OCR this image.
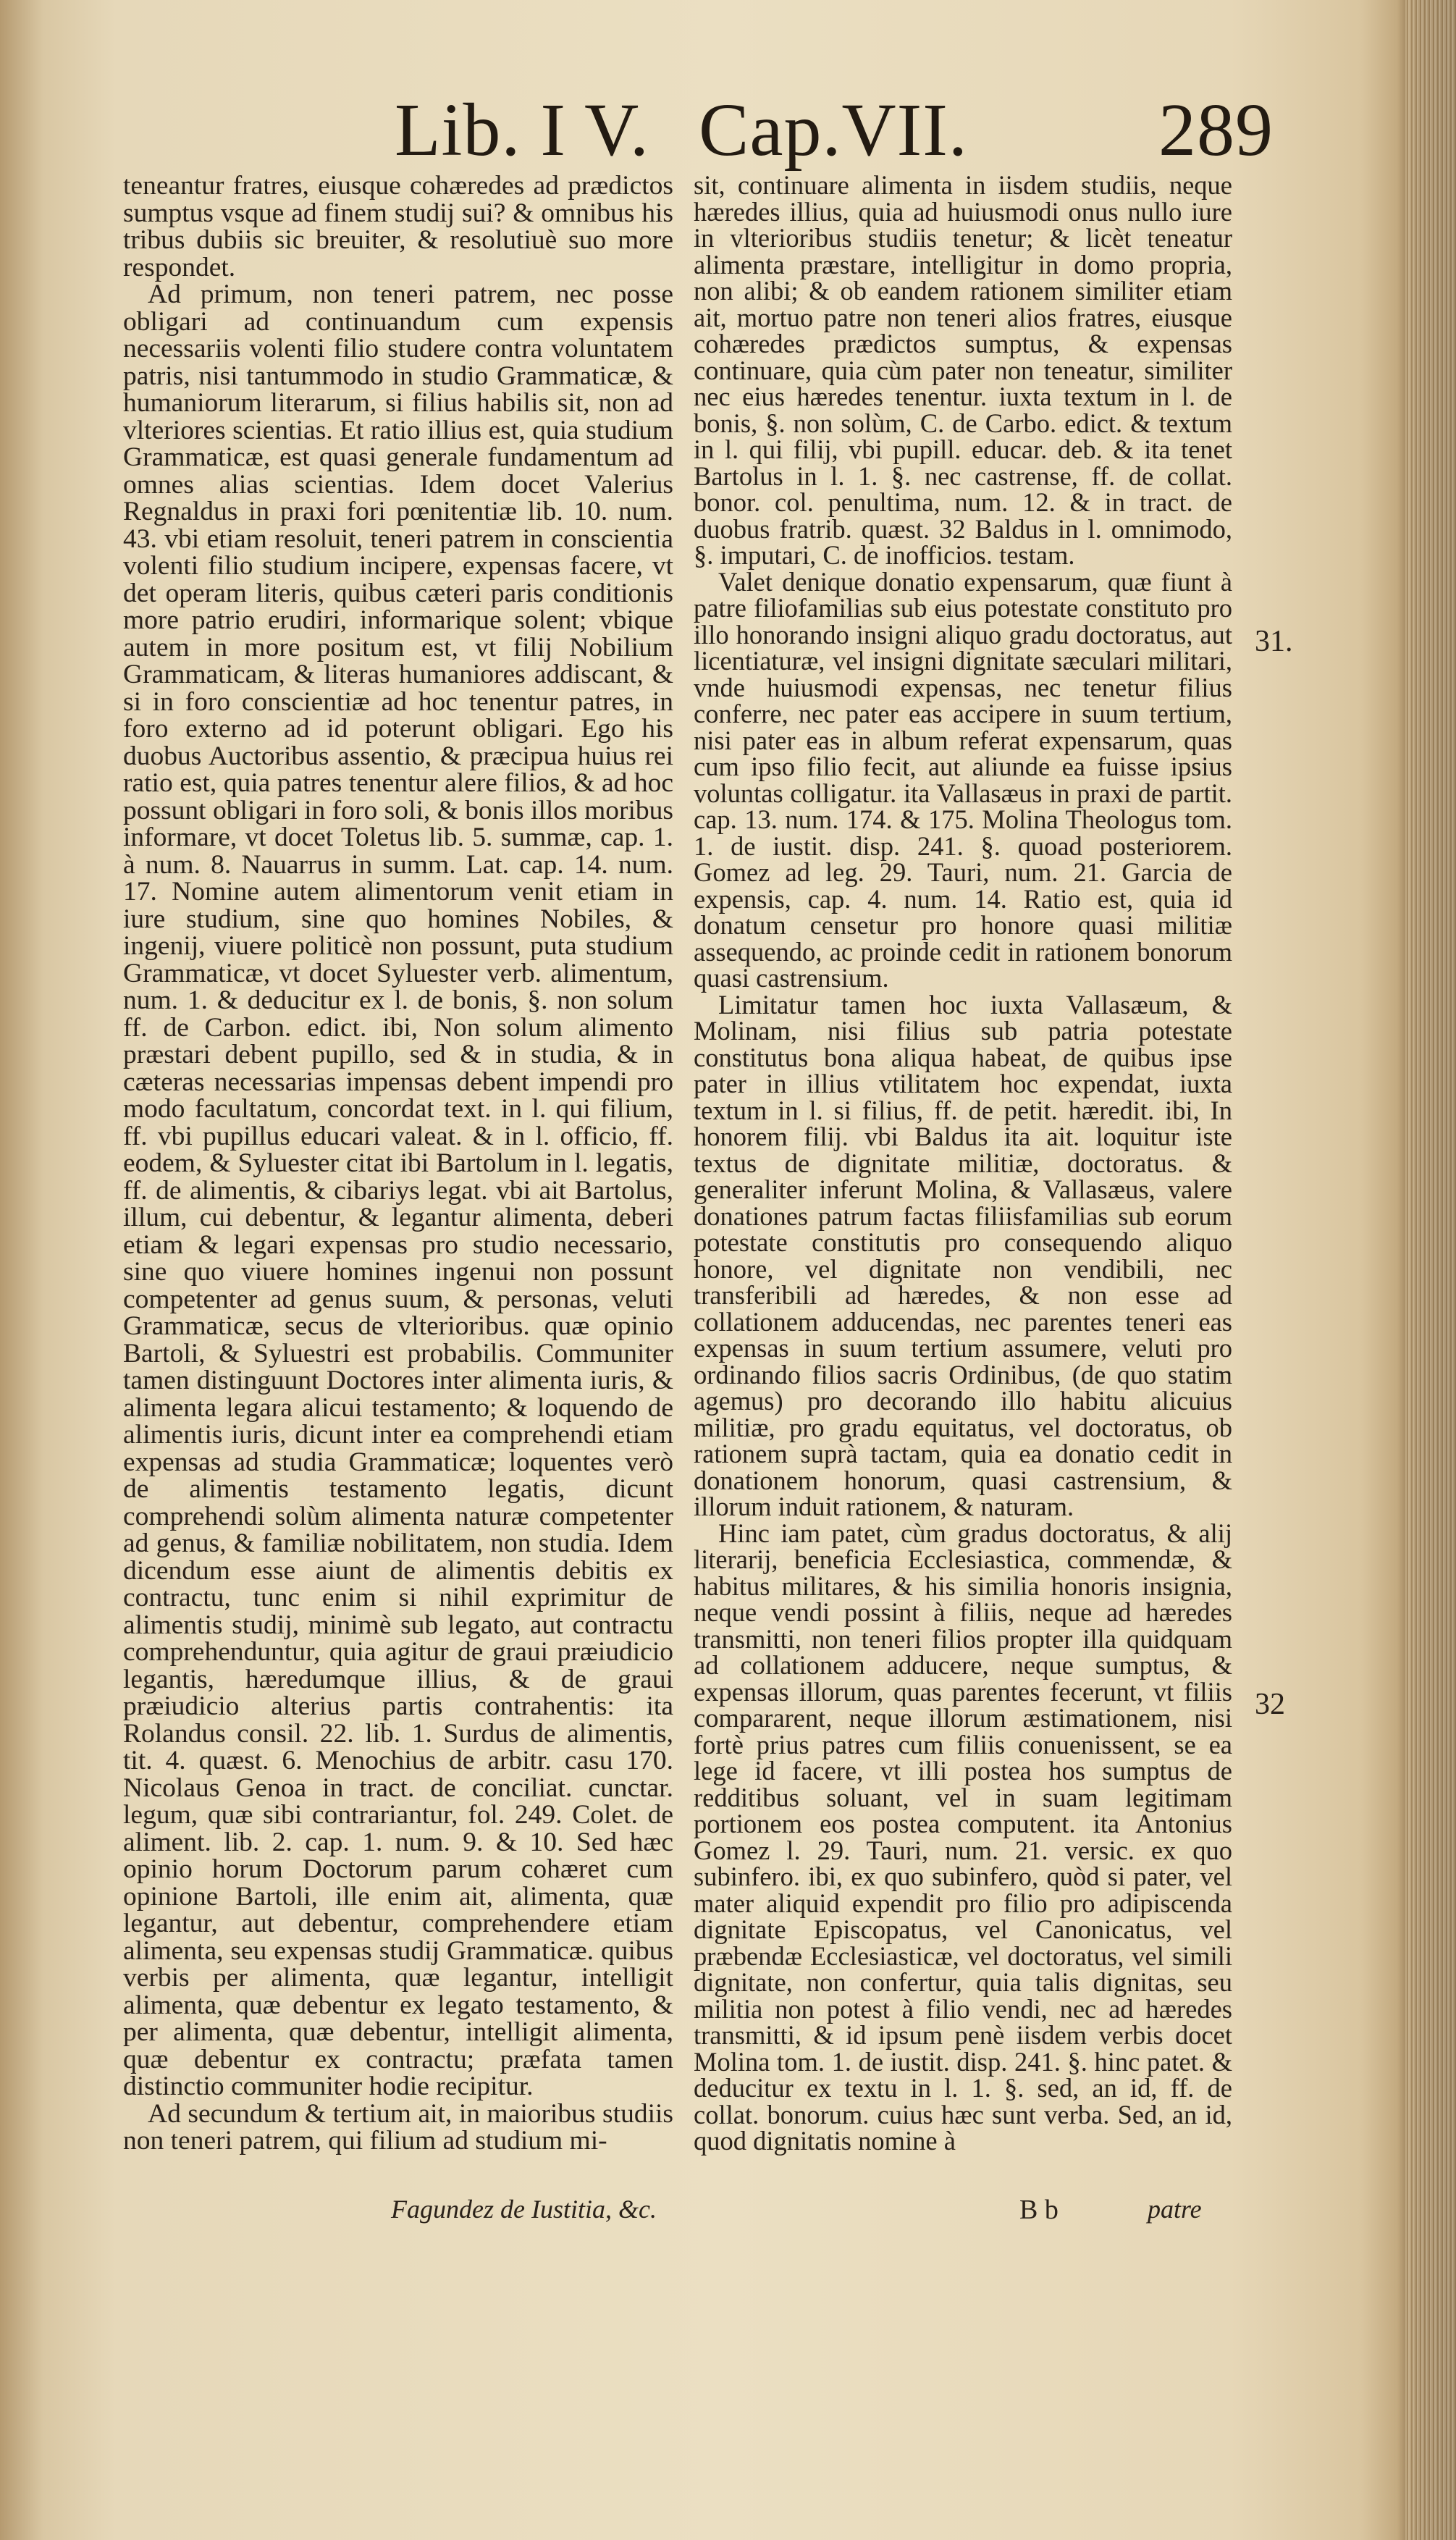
Lib. I V. Cap.VII.	289

teneantur fratres, eiusque cohæredes ad prædictos sumptus vsque ad finem studij sui? & omnibus his tribus dubiis sic breuiter, & resolutiuè suo more respondet.

Ad primum, non teneri patrem, nec posse obligari ad continuandum cum expensis necessariis volenti filio studere contra voluntatem patris, nisi tantummodo in studio Grammaticæ, & humaniorum literarum, si filius habilis sit, non ad vlteriores scientias. Et ratio illius est, quia studium Grammaticæ, est quasi generale fundamentum ad omnes alias scientias. Idem docet Valerius Regnaldus in praxi fori pœnitentiæ lib. 10. num. 43. vbi etiam resoluit, teneri patrem in conscientia volenti filio studium incipere, expensas facere, vt det operam literis, quibus cæteri paris conditionis more patrio erudiri, informarique solent; vbique autem in more positum est, vt filij Nobilium Grammaticam, & literas humaniores addiscant, & si in foro conscientiæ ad hoc tenentur patres, in foro externo ad id poterunt obligari. Ego his duobus Auctoribus assentio, & præcipua huius rei ratio est, quia patres tenentur alere filios, & ad hoc possunt obligari in foro soli, & bonis illos moribus informare, vt docet Toletus lib. 5. summæ, cap. 1. à num. 8. Nauarrus in summ. Lat. cap. 14. num. 17. Nomine autem alimentorum venit etiam in iure studium, sine quo homines Nobiles, & ingenij, viuere politicè non possunt, puta studium Grammaticæ, vt docet Syluester verb. alimentum, num. 1. & deducitur ex l. de bonis, §. non solum ff. de Carbon. edict. ibi, Non solum alimento præstari debent pupillo, sed & in studia, & in cæteras necessarias impensas debent impendi pro modo facultatum, concordat text. in l. qui filium, ff. vbi pupillus educari valeat. & in l. officio, ff. eodem, & Syluester citat ibi Bartolum in l. legatis, ff. de alimentis, & cibariys legat. vbi ait Bartolus, illum, cui debentur, & legantur alimenta, deberi etiam & legari expensas pro studio necessario, sine quo viuere homines ingenui non possunt competenter ad genus suum, & personas, veluti Grammaticæ, secus de vlterioribus. quæ opinio Bartoli, & Syluestri est probabilis. Communiter tamen distinguunt Doctores inter alimenta iuris, & alimenta legara alicui testamento; & loquendo de alimentis iuris, dicunt inter ea comprehendi etiam expensas ad studia Grammaticæ; loquentes verò de alimentis testamento legatis, dicunt comprehendi solùm alimenta naturæ competenter ad genus, & familiæ nobilitatem, non studia. Idem dicendum esse aiunt de alimentis debitis ex contractu, tunc enim si nihil exprimitur de alimentis studij, minimè sub legato, aut contractu comprehenduntur, quia agitur de graui præiudicio legantis, hæredumque illius, & de graui præiudicio alterius partis contrahentis: ita Rolandus consil. 22. lib. 1. Surdus de alimentis, tit. 4. quæst. 6. Menochius de arbitr. casu 170. Nicolaus Genoa in tract. de conciliat. cunctar. legum, quæ sibi contrariantur, fol. 249. Colet. de aliment. lib. 2. cap. 1. num. 9. & 10. Sed hæc opinio horum Doctorum parum cohæret cum opinione Bartoli, ille enim ait, alimenta, quæ legantur, aut debentur, comprehendere etiam alimenta, seu expensas studij Grammaticæ. quibus verbis per alimenta, quæ legantur, intelligit alimenta, quæ debentur ex legato testamento, & per alimenta, quæ debentur, intelligit alimenta, quæ debentur ex contractu; præfata tamen distinctio communiter hodie recipitur.

Ad secundum & tertium ait, in maioribus studiis non teneri patrem, qui filium ad studium mi-

sit, continuare alimenta in iisdem studiis, neque hæredes illius, quia ad huiusmodi onus nullo iure in vlterioribus studiis tenetur; & licèt teneatur alimenta præstare, intelligitur in domo propria, non alibi; & ob eandem rationem similiter etiam ait, mortuo patre non teneri alios fratres, eiusque cohæredes prædictos sumptus, & expensas continuare, quia cùm pater non teneatur, similiter nec eius hæredes tenentur. iuxta textum in l. de bonis, §. non solùm, C. de Carbo. edict. & textum in l. qui filij, vbi pupill. educar. deb. & ita tenet Bartolus in l. 1. §. nec castrense, ff. de collat. bonor. col. penultima, num. 12. & in tract. de duobus fratrib. quæst. 32 Baldus in l. omnimodo, §. imputari, C. de inofficios. testam.

Valet denique donatio expensarum, quæ fiunt à patre filiofamilias sub eius potestate constituto pro illo honorando insigni aliquo gradu doctoratus, aut licentiaturæ, vel insigni dignitate sæculari militari, vnde huiusmodi expensas, nec tenetur filius conferre, nec pater eas accipere in suum tertium, nisi pater eas in album referat expensarum, quas cum ipso filio fecit, aut aliunde ea fuisse ipsius voluntas colligatur. ita Vallasæus in praxi de partit. cap. 13. num. 174. & 175. Molina Theologus tom. 1. de iustit. disp. 241. §. quoad posteriorem. Gomez ad leg. 29. Tauri, num. 21. Garcia de expensis, cap. 4. num. 14. Ratio est, quia id donatum censetur pro honore quasi militiæ assequendo, ac proinde cedit in rationem bonorum quasi castrensium.

Limitatur tamen hoc iuxta Vallasæum, & Molinam, nisi filius sub patria potestate constitutus bona aliqua habeat, de quibus ipse pater in illius vtilitatem hoc expendat, iuxta textum in l. si filius, ff. de petit. hæredit. ibi, In honorem filij. vbi Baldus ita ait. loquitur iste textus de dignitate militiæ, doctoratus. & generaliter inferunt Molina, & Vallasæus, valere donationes patrum factas filiisfamilias sub eorum potestate constitutis pro consequendo aliquo honore, vel dignitate non vendibili, nec transferibili ad hæredes, & non esse ad collationem adducendas, nec parentes teneri eas expensas in suum tertium assumere, veluti pro ordinando filios sacris Ordinibus, (de quo statim agemus) pro decorando illo habitu alicuius militiæ, pro gradu equitatus, vel doctoratus, ob rationem suprà tactam, quia ea donatio cedit in donationem honorum, quasi castrensium, & illorum induit rationem, & naturam.

Hinc iam patet, cùm gradus doctoratus, & alij literarij, beneficia Ecclesiastica, commendæ, & habitus militares, & his similia honoris insignia, neque vendi possint à filiis, neque ad hæredes transmitti, non teneri filios propter illa quidquam ad collationem adducere, neque sumptus, & expensas illorum, quas parentes fecerunt, vt filiis compararent, neque illorum æstimationem, nisi fortè prius patres cum filiis conuenissent, se ea lege id facere, vt illi postea hos sumptus de redditibus soluant, vel in suam legitimam portionem eos postea computent. ita Antonius Gomez l. 29. Tauri, num. 21. versic. ex quo subinfero. ibi, ex quo subinfero, quòd si pater, vel mater aliquid expendit pro filio pro adipiscenda dignitate Episcopatus, vel Canonicatus, vel præbendæ Ecclesiasticæ, vel doctoratus, vel simili dignitate, non confertur, quia talis dignitas, seu militia non potest à filio vendi, nec ad hæredes transmitti, & id ipsum penè iisdem verbis docet Molina tom. 1. de iustit. disp. 241. §. hinc patet. & deducitur ex textu in l. 1. §. sed, an id, ff. de collat. bonorum. cuius hæc sunt verba. Sed, an id, quod dignitatis nomine à

31.
32
Fagundez de Iustitia, &c.	B b	patre
